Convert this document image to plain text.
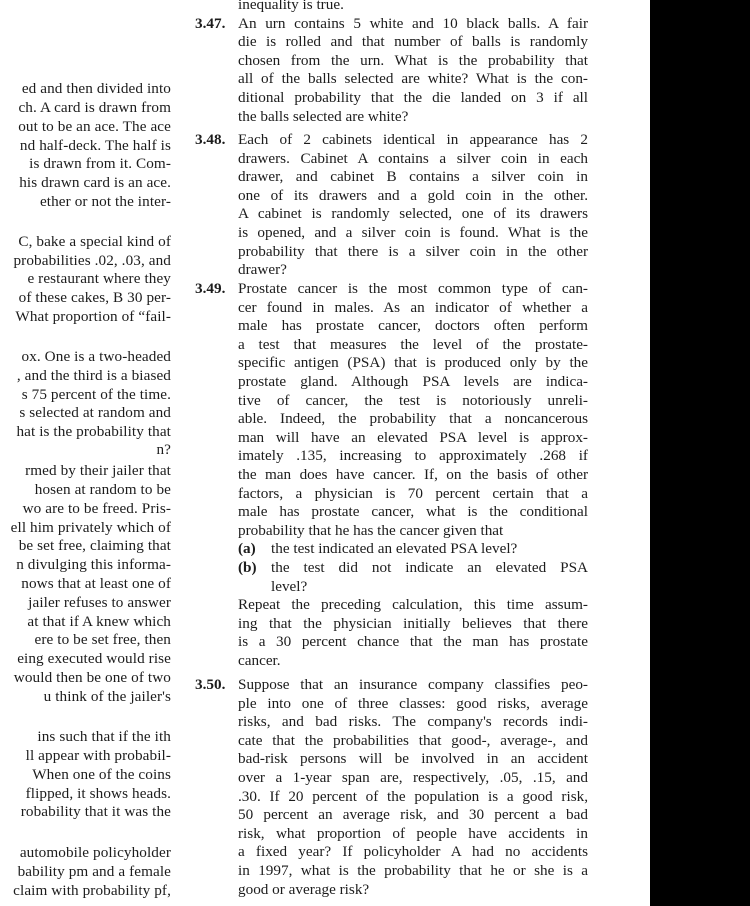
ed and then divided into
ch. A card is drawn from
out to be an ace. The ace
nd half-deck. The half is
is drawn from it. Com-
his drawn card is an ace.
ether or not the inter-
C, bake a special kind of
probabilities .02, .03, and
e restaurant where they
of these cakes, B 30 per-
What proportion of “fail-
ox. One is a two-headed
, and the third is a biased
s 75 percent of the time.
s selected at random and
hat is the probability that
n?
rmed by their jailer that
hosen at random to be
wo are to be freed. Pris-
ell him privately which of
be set free, claiming that
n divulging this informa-
nows that at least one of
jailer refuses to answer
at that if A knew which
ere to be set free, then
eing executed would rise
would then be one of two
u think of the jailer's
ins such that if the ith
ll appear with probabil-
When one of the coins
flipped, it shows heads.
robability that it was the
automobile policyholder
bability pm and a female
claim with probability pf,
inequality is true.
3.47. An urn contains 5 white and 10 black balls. A fair
die is rolled and that number of balls is randomly
chosen from the urn. What is the probability that
all of the balls selected are white? What is the con-
ditional probability that the die landed on 3 if all
the balls selected are white?
3.48. Each of 2 cabinets identical in appearance has 2
drawers. Cabinet A contains a silver coin in each
drawer, and cabinet B contains a silver coin in
one of its drawers and a gold coin in the other.
A cabinet is randomly selected, one of its drawers
is opened, and a silver coin is found. What is the
probability that there is a silver coin in the other
drawer?
3.49. Prostate cancer is the most common type of can-
cer found in males. As an indicator of whether a
male has prostate cancer, doctors often perform
a test that measures the level of the prostate-
specific antigen (PSA) that is produced only by the
prostate gland. Although PSA levels are indica-
tive of cancer, the test is notoriously unreli-
able. Indeed, the probability that a noncancerous
man will have an elevated PSA level is approx-
imately .135, increasing to approximately .268 if
the man does have cancer. If, on the basis of other
factors, a physician is 70 percent certain that a
male has prostate cancer, what is the conditional
probability that he has the cancer given that
(a) the test indicated an elevated PSA level?
(b) the test did not indicate an elevated PSA
level?
Repeat the preceding calculation, this time assum-
ing that the physician initially believes that there
is a 30 percent chance that the man has prostate
cancer.
3.50. Suppose that an insurance company classifies peo-
ple into one of three classes: good risks, average
risks, and bad risks. The company's records indi-
cate that the probabilities that good-, average-, and
bad-risk persons will be involved in an accident
over a 1-year span are, respectively, .05, .15, and
.30. If 20 percent of the population is a good risk,
50 percent an average risk, and 30 percent a bad
risk, what proportion of people have accidents in
a fixed year? If policyholder A had no accidents
in 1997, what is the probability that he or she is a
good or average risk?
